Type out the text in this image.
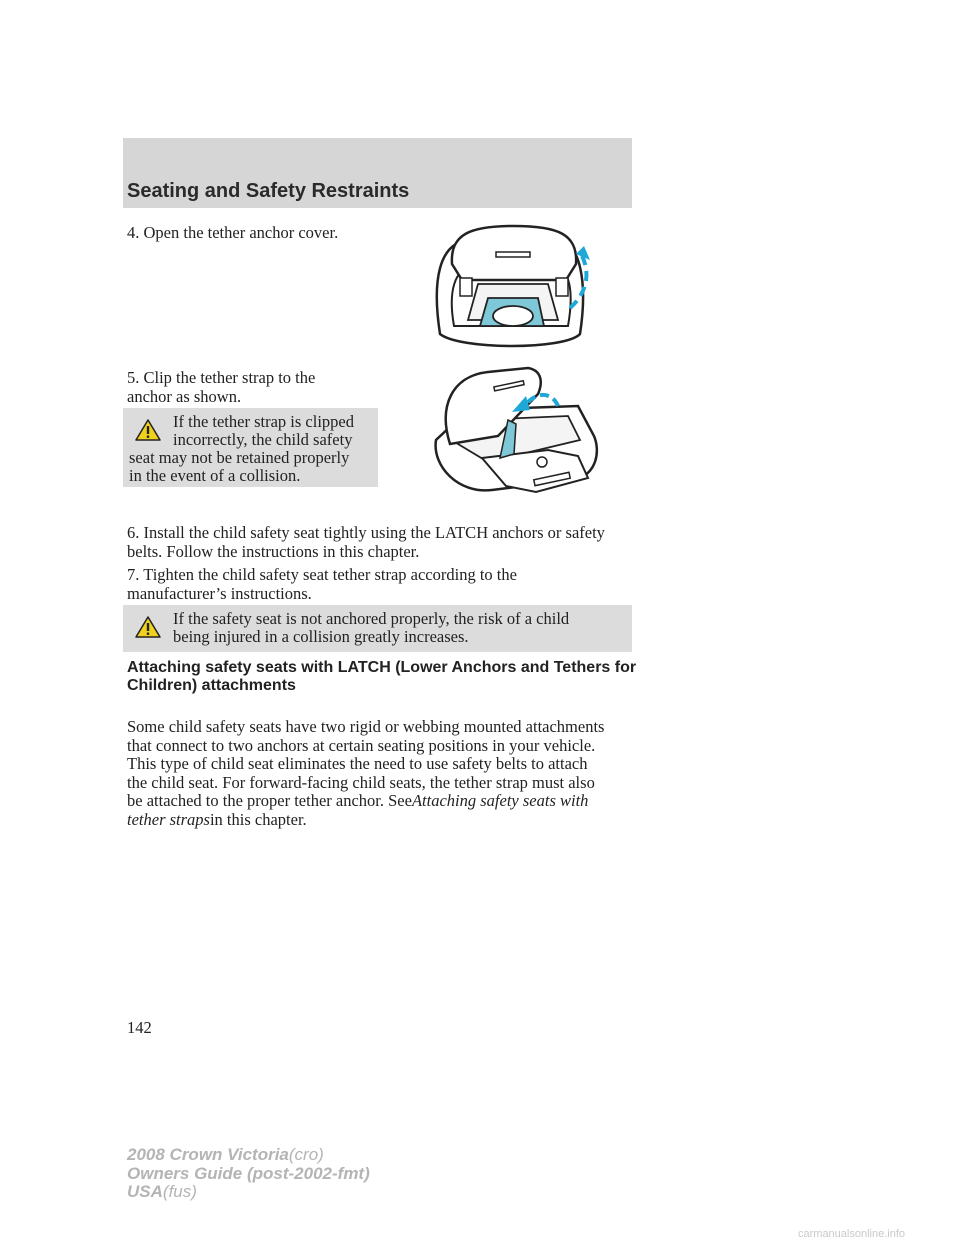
Seating and Safety Restraints
4. Open the tether anchor cover.
5. Clip the tether strap to the
anchor as shown.
If the tether strap is clipped
incorrectly, the child safety
seat may not be retained properly
in the event of a collision.
6. Install the child safety seat tightly using the LATCH anchors or safety
belts. Follow the instructions in this chapter.
7. Tighten the child safety seat tether strap according to the
manufacturer’s instructions.
If the safety seat is not anchored properly, the risk of a child
being injured in a collision greatly increases.
Attaching safety seats with LATCH (Lower Anchors and Tethers for
Children) attachments
Some child safety seats have two rigid or webbing mounted attachments
that connect to two anchors at certain seating positions in your vehicle.
This type of child seat eliminates the need to use safety belts to attach
the child seat. For forward-facing child seats, the tether strap must also
be attached to the proper tether anchor. SeeAttaching safety seats with
tether strapsin this chapter.
142
2008 Crown Victoria(cro)
Owners Guide (post-2002-fmt)
USA(fus)
carmanualsonline.info
